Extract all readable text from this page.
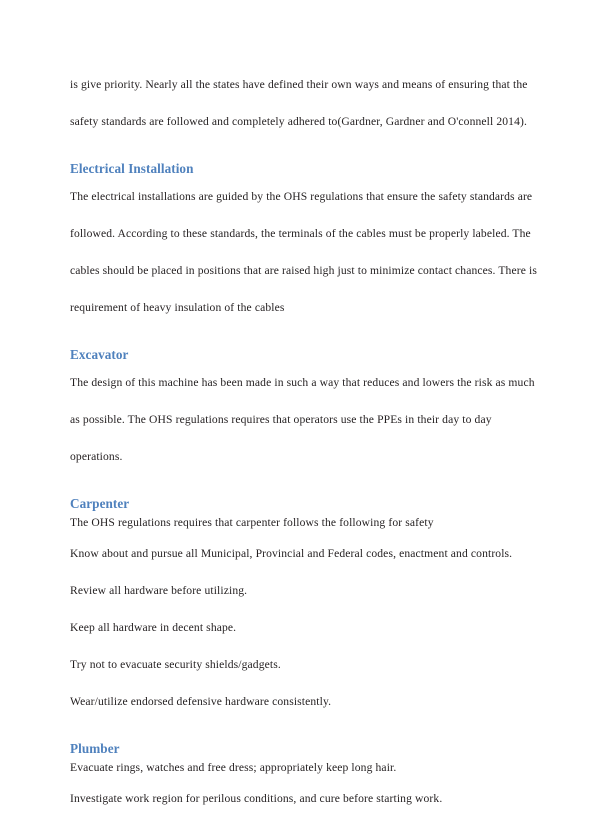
is give priority. Nearly all the states have defined their own ways and means of ensuring that the safety standards are followed and completely adhered to(Gardner, Gardner and O'connell 2014).

Electrical Installation

The electrical installations are guided by the OHS regulations that ensure the safety standards are followed. According to these standards, the terminals of the cables must be properly labeled. The cables should be placed in positions that are raised high just to minimize contact chances. There is requirement of heavy insulation of the cables

Excavator

The design of this machine has been made in such a way that reduces and lowers the risk as much as possible. The OHS regulations requires that operators use the PPEs in their day to day operations.

Carpenter

The OHS regulations requires that carpenter follows the following for safety

Know about and pursue all Municipal, Provincial and Federal codes, enactment and controls.

Review all hardware before utilizing.

Keep all hardware in decent shape.

Try not to evacuate security shields/gadgets.

Wear/utilize endorsed defensive hardware consistently.

Plumber

Evacuate rings, watches and free dress; appropriately keep long hair.

Investigate work region for perilous conditions, and cure before starting work.
